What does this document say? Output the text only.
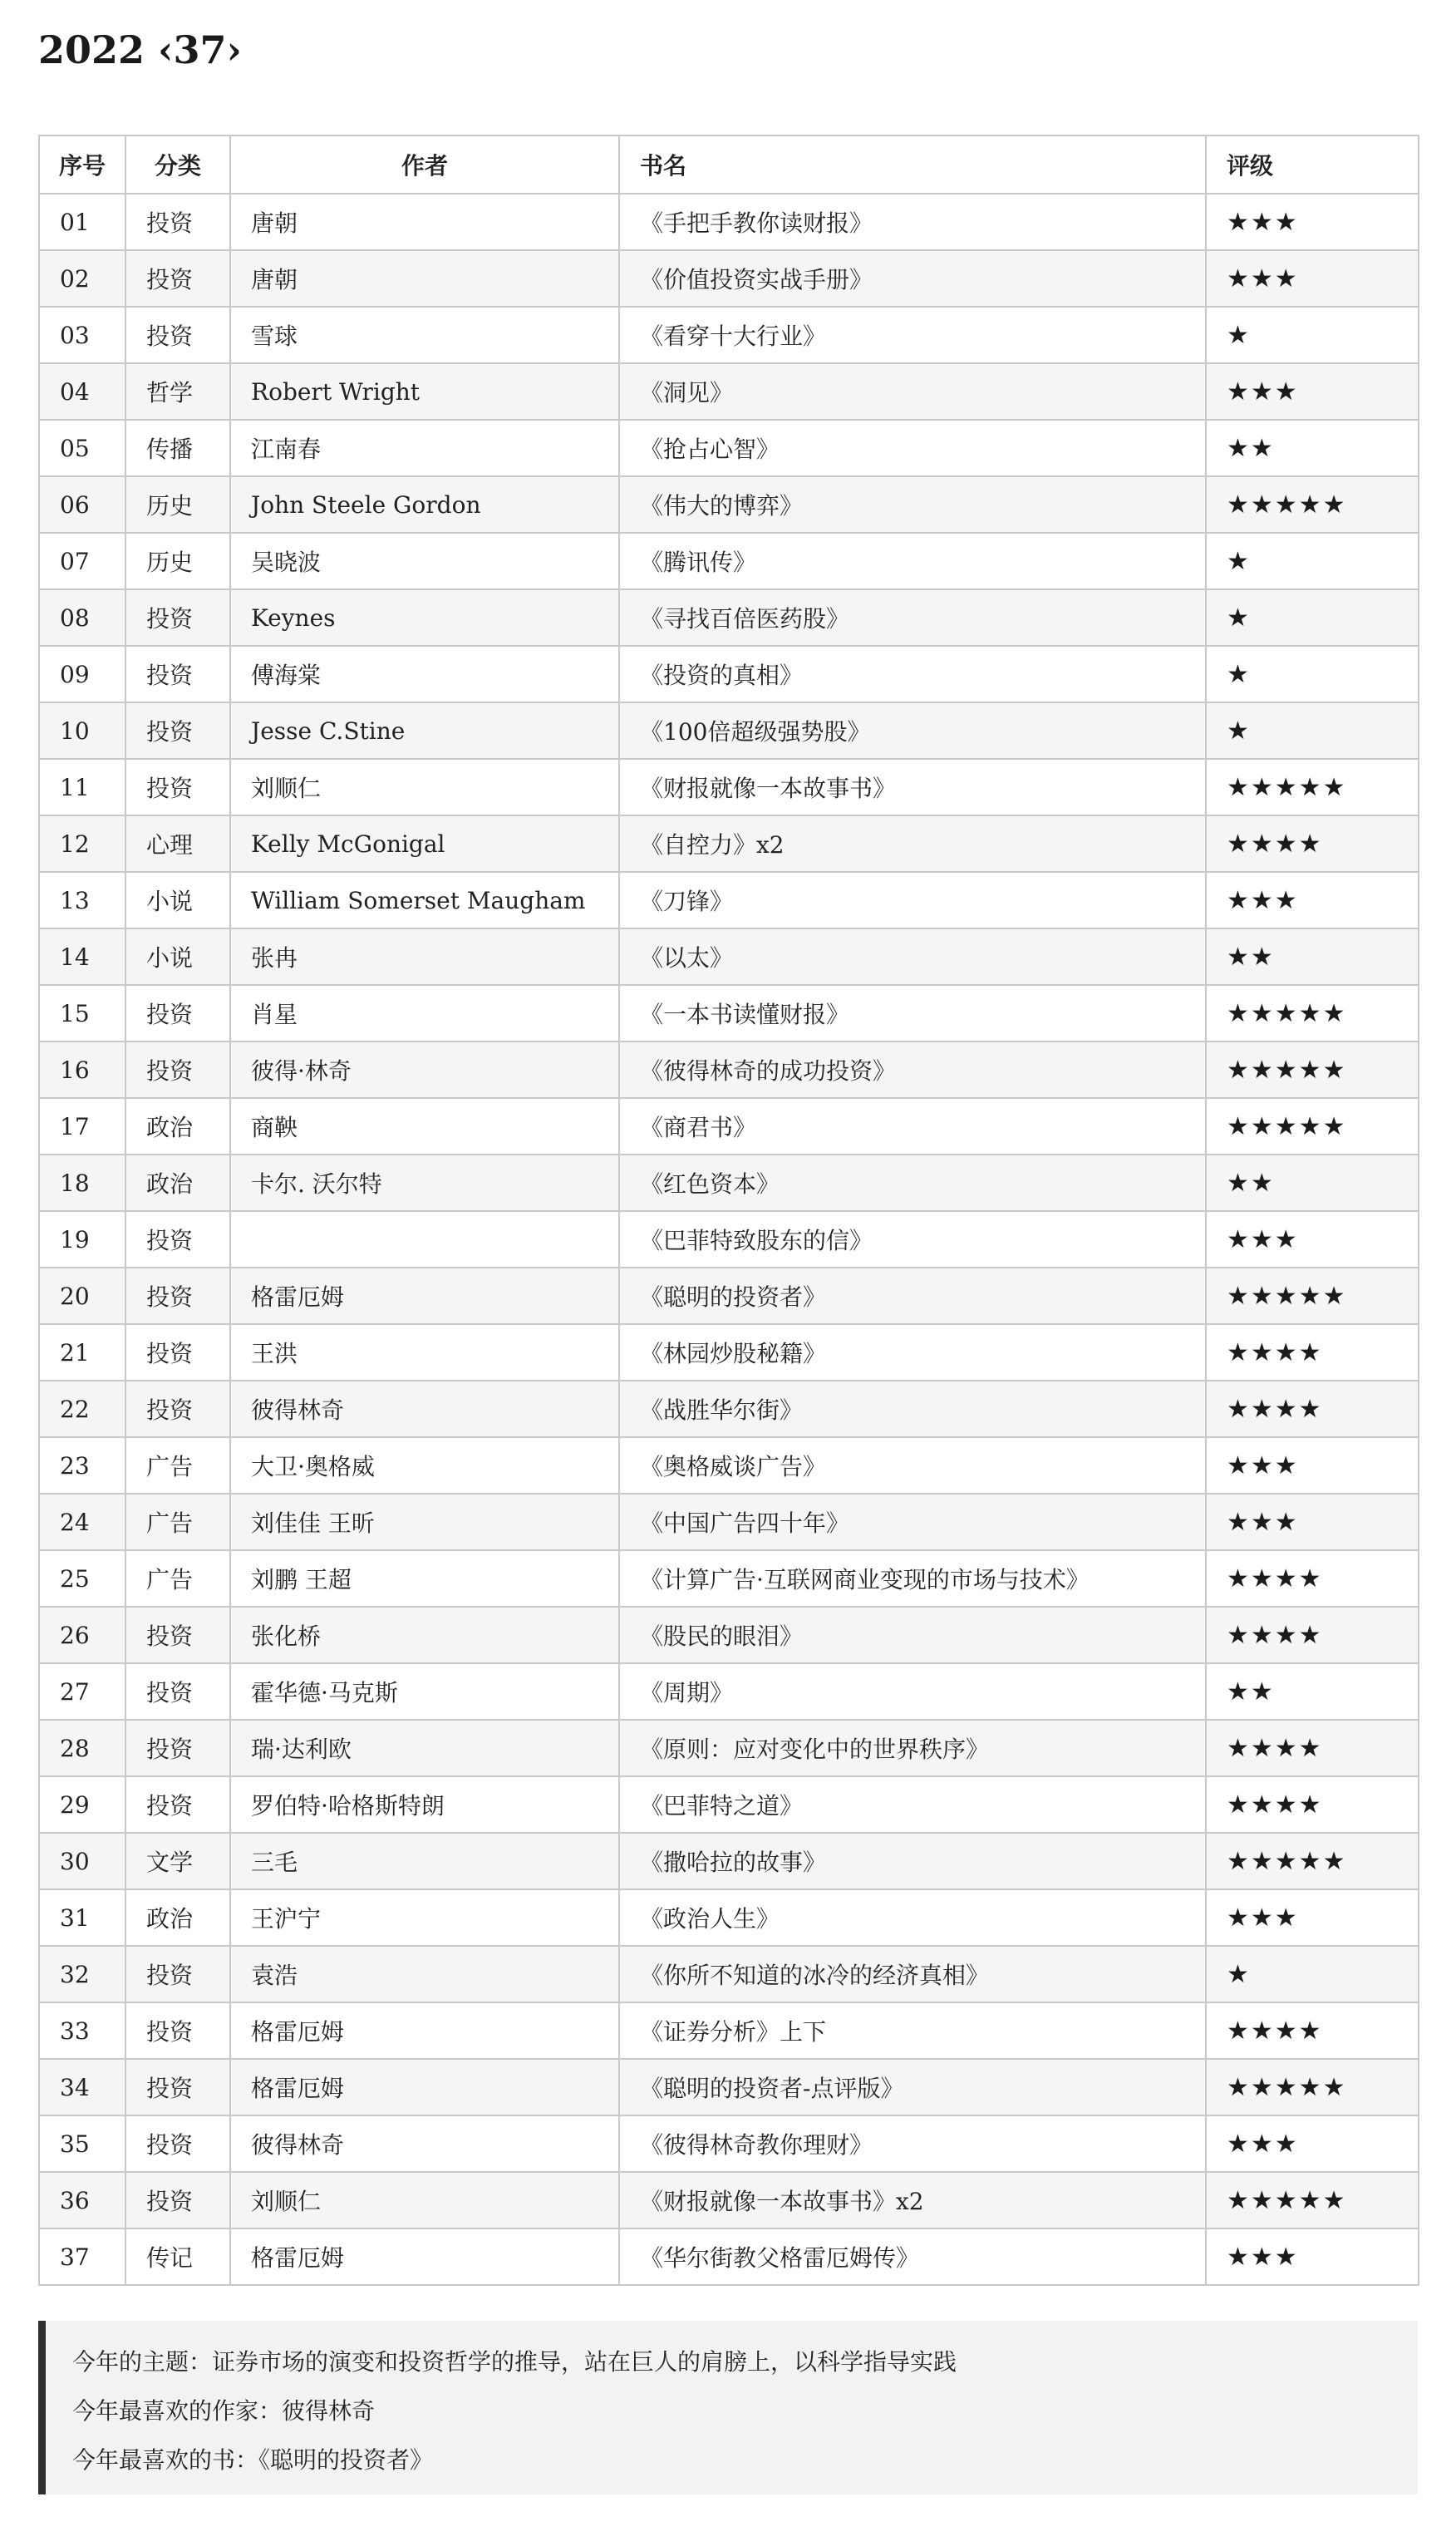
2022 ‹37›
序号	分类	作者	书名	评级
01	投资	唐朝	《手把手教你读财报》	★★★
02	投资	唐朝	《价值投资实战手册》	★★★
03	投资	雪球	《看穿十大行业》	★
04	哲学	Robert Wright	《洞见》	★★★
05	传播	江南春	《抢占心智》	★★
06	历史	John Steele Gordon	《伟大的博弈》	★★★★★
07	历史	吴晓波	《腾讯传》	★
08	投资	Keynes	《寻找百倍医药股》	★
09	投资	傅海棠	《投资的真相》	★
10	投资	Jesse C.Stine	《100倍超级强势股》	★
11	投资	刘顺仁	《财报就像一本故事书》	★★★★★
12	心理	Kelly McGonigal	《自控力》x2	★★★★
13	小说	William Somerset Maugham	《刀锋》	★★★
14	小说	张冉	《以太》	★★
15	投资	肖星	《一本书读懂财报》	★★★★★
16	投资	彼得·林奇	《彼得林奇的成功投资》	★★★★★
17	政治	商鞅	《商君书》	★★★★★
18	政治	卡尔. 沃尔特	《红色资本》	★★
19	投资		《巴菲特致股东的信》	★★★
20	投资	格雷厄姆	《聪明的投资者》	★★★★★
21	投资	王洪	《林园炒股秘籍》	★★★★
22	投资	彼得林奇	《战胜华尔街》	★★★★
23	广告	大卫·奥格威	《奥格威谈广告》	★★★
24	广告	刘佳佳 王昕	《中国广告四十年》	★★★
25	广告	刘鹏 王超	《计算广告·互联网商业变现的市场与技术》	★★★★
26	投资	张化桥	《股民的眼泪》	★★★★
27	投资	霍华德·马克斯	《周期》	★★
28	投资	瑞·达利欧	《原则：应对变化中的世界秩序》	★★★★
29	投资	罗伯特·哈格斯特朗	《巴菲特之道》	★★★★
30	文学	三毛	《撒哈拉的故事》	★★★★★
31	政治	王沪宁	《政治人生》	★★★
32	投资	袁浩	《你所不知道的冰冷的经济真相》	★
33	投资	格雷厄姆	《证券分析》上下	★★★★
34	投资	格雷厄姆	《聪明的投资者-点评版》	★★★★★
35	投资	彼得林奇	《彼得林奇教你理财》	★★★
36	投资	刘顺仁	《财报就像一本故事书》x2	★★★★★
37	传记	格雷厄姆	《华尔街教父格雷厄姆传》	★★★
今年的主题：证券市场的演变和投资哲学的推导，站在巨人的肩膀上，以科学指导实践
今年最喜欢的作家：彼得林奇
今年最喜欢的书：《聪明的投资者》
